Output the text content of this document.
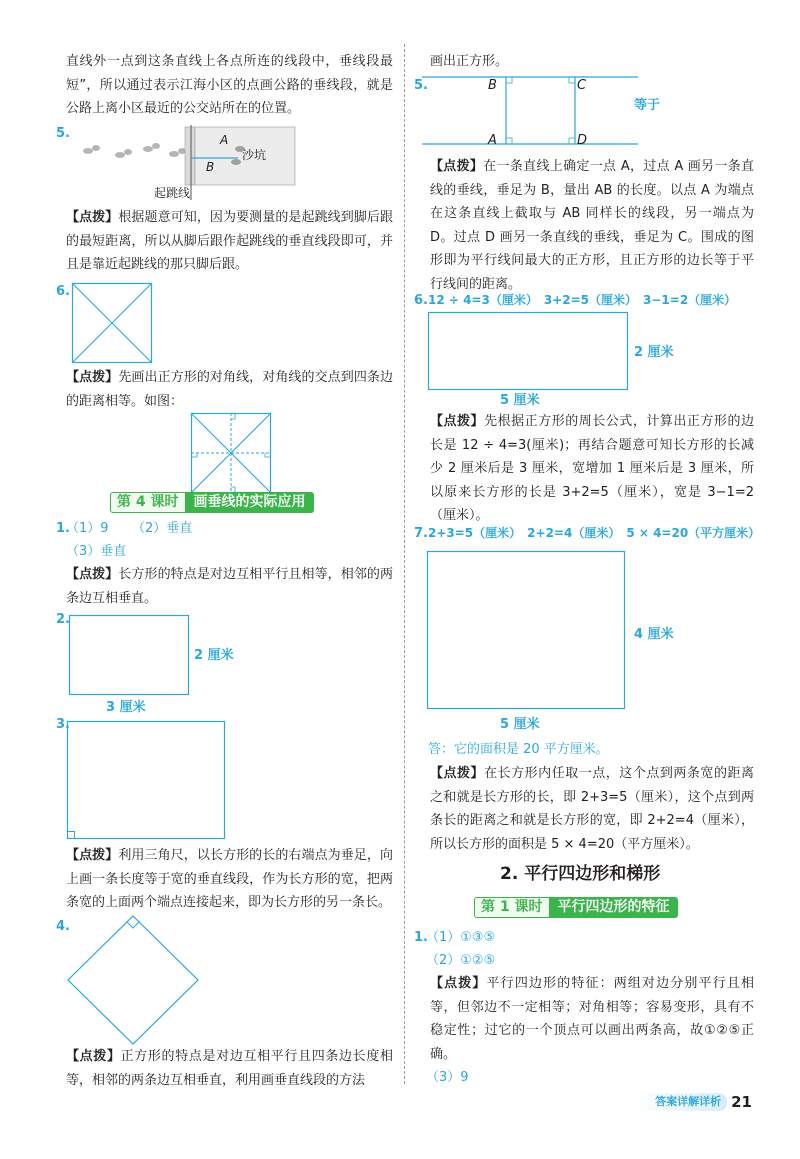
直线外一点到这条直线上各点所连的线段中，垂线段最短”，所以通过表示江海小区的点画公路的垂线段，就是公路上离小区最近的公交站所在的位置。

5.	A
B
沙坑
起跳线

【点拨】根据题意可知，因为要测量的是起跳线到脚后跟的最短距离，所以从脚后跟作起跳线的垂直线段即可，并且是靠近起跳线的那只脚后跟。

6.

【点拨】先画出正方形的对角线，对角线的交点到四条边的距离相等。如图：

第 4 课时	画垂线的实际应用
1.
（1）9 （2）垂直
（3）垂直

【点拨】长方形的特点是对边互相平行且相等，相邻的两条边互相垂直。

2.
2 厘米
3 厘米
3.

【点拨】利用三角尺，以长方形的长的右端点为垂足，向上画一条长度等于宽的垂直线段，作为长方形的宽，把两条宽的上面两个端点连接起来，即为长方形的另一条长。

4.

【点拨】正方形的特点是对边互相平行且四条边长度相等，相邻的两条边互相垂直，利用画垂直线段的方法

画出正方形。
5.	B	C
A	D
等于

【点拨】在一条直线上确定一点 A，过点 A 画另一条直线的垂线，垂足为 B，量出 AB 的长度。以点 A 为端点在这条直线上截取与 AB 同样长的线段，另一端点为 D。过点 D 画另一条直线的垂线，垂足为 C。围成的图形即为平行线间最大的正方形，且正方形的边长等于平行线间的距离。

6. 12 ÷ 4=3（厘米）　3+2=5（厘米）　3−1=2（厘米）
2 厘米
5 厘米

【点拨】先根据正方形的周长公式，计算出正方形的边长是 12 ÷ 4=3(厘米)；再结合题意可知长方形的长减少 2 厘米后是 3 厘米，宽增加 1 厘米后是 3 厘米，所以原来长方形的长是 3+2=5（厘米），宽是 3−1=2（厘米）。

7. 2+3=5（厘米）　2+2=4（厘米）　5 × 4=20（平方厘米）
4 厘米
5 厘米
答：它的面积是 20 平方厘米。

【点拨】在长方形内任取一点，这个点到两条宽的距离之和就是长方形的长，即 2+3=5（厘米），这个点到两条长的距离之和就是长方形的宽，即 2+2=4（厘米），所以长方形的面积是 5 × 4=20（平方厘米）。

2. 平行四边形和梯形
第 1 课时	平行四边形的特征
1.
（1）①③⑤
（2）①②⑤

【点拨】平行四边形的特征：两组对边分别平行且相等，但邻边不一定相等；对角相等；容易变形，具有不稳定性；过它的一个顶点可以画出两条高，故①②⑤正确。

（3）9
答案详解详析 21
